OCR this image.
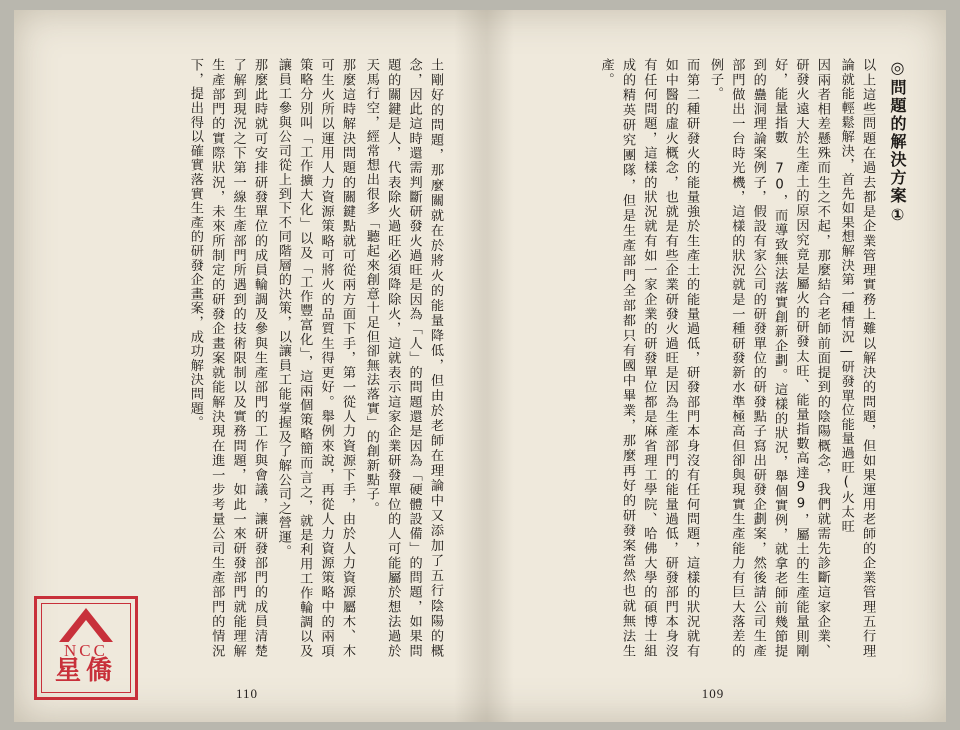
土剛好的問題，那麼關就在於將火的能量降低，但由於老師在理論中又添加了五行陰陽的概念，因此這時還需判斷研發火過旺是因為「人」的問題還是因為「硬體設備」的問題，如果問題的關鍵是人，代表除火過旺必須降除火，這就表示這家企業研發單位的人可能屬於想法過於天馬行空，經常想出很多「聽起來創意十足但卻無法落實」的創新點子。
那麼這時解決問題的關鍵點就可從兩方面下手，第一從人力資源下手，由於人力資源屬木、木可生火所以運用人力資源策略可將火的品質生得更好。舉例來說，再從人力資源策略中的兩項策略分別叫「工作擴大化」以及「工作豐富化」，這兩個策略簡而言之，就是利用工作輪調以及讓員工參與公司從上到下不同階層的決策，以讓員工能掌握及了解公司之營運。
那麼此時就可安排研發單位的成員輪調及參與生產部門的工作與會議，讓研發部門的成員清楚了解到現況之下第一線生產部門所遇到的技術限制以及實務問題，如此一來研發部門就能理解生產部門的實際狀況，未來所制定的研發企畫案就能解決現在進一步考量公司生產部門的情況下，提出得以確實落實生產的研發企畫案，成功解決問題。
110
NCC
星僑
◎問題的解決方案①
以上這些問題在過去都是企業管理實務上難以解決的問題，但如果運用老師的企業管理五行理論就能輕鬆解決，首先如果想解決第一種情況—研發單位能量過旺(火太旺
因兩者相差懸殊而生之不起，那麼結合老師前面提到的陰陽概念，我們就需先診斷這家企業、研發火遠大於生產土的原因究竟是屬火的研發太旺、能量指數高達99，屬土的生產能量則剛好，能量指數 70，而導致無法落實創新企劃。這樣的狀況，舉個實例，就拿老師前幾節提到的蠱洞理論案例子，假設有家公司的研發單位的研發點子寫出研發企劃案，然後請公司生產部門做出一台時光機，這樣的狀況就是一種研發新水準極高但卻與現實生產能力有巨大落差的例子。
而第二種研發火的能量強於生產土的能量過低，研發部門本身沒有任何問題，這樣的狀況就有如中醫的虛火概念，也就是有些企業研發火過旺是因為生產部門的能量過低，研發部門本身沒有任何問題，這樣的狀況就有如一家企業的研發單位都是麻省理工學院、哈佛大學的碩博士組成的精英研究團隊，但是生產部門全部都只有國中畢業，那麼再好的研發案當然也就無法生產。
109
